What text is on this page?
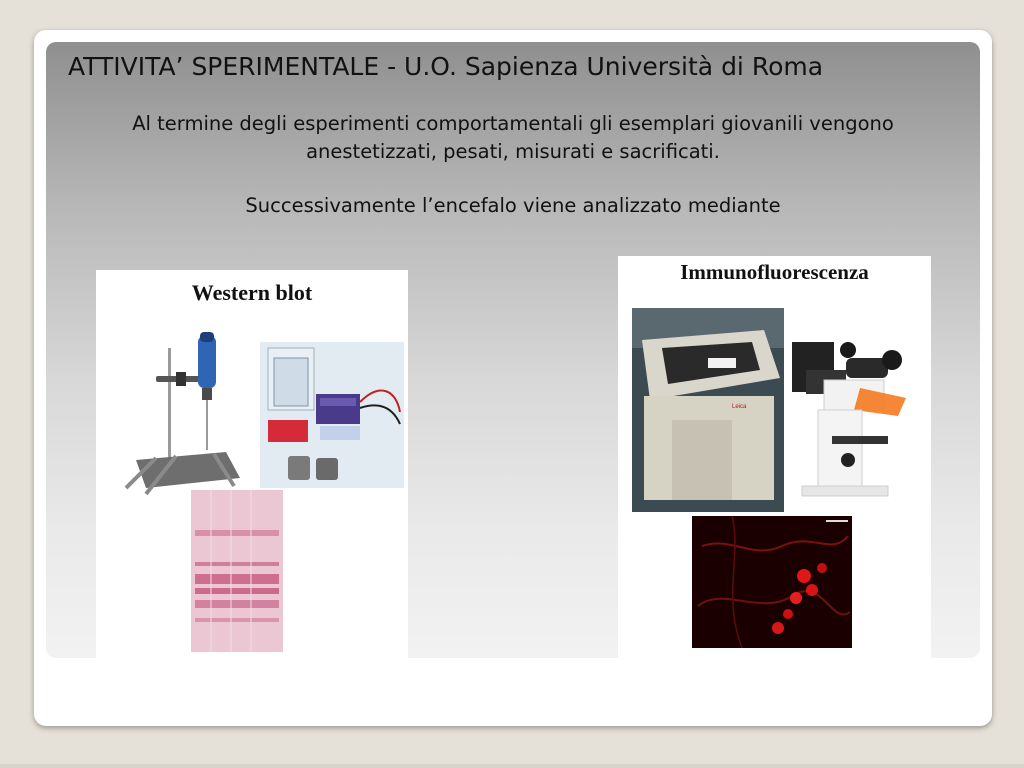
ATTIVITA’ SPERIMENTALE - U.O. Sapienza Università di Roma
Al termine degli esperimenti comportamentali gli esemplari giovanili vengono
anestetizzati, pesati, misurati e sacrificati.
Successivamente l’encefalo viene analizzato mediante
Western blot
Immunofluorescenza
Leica
